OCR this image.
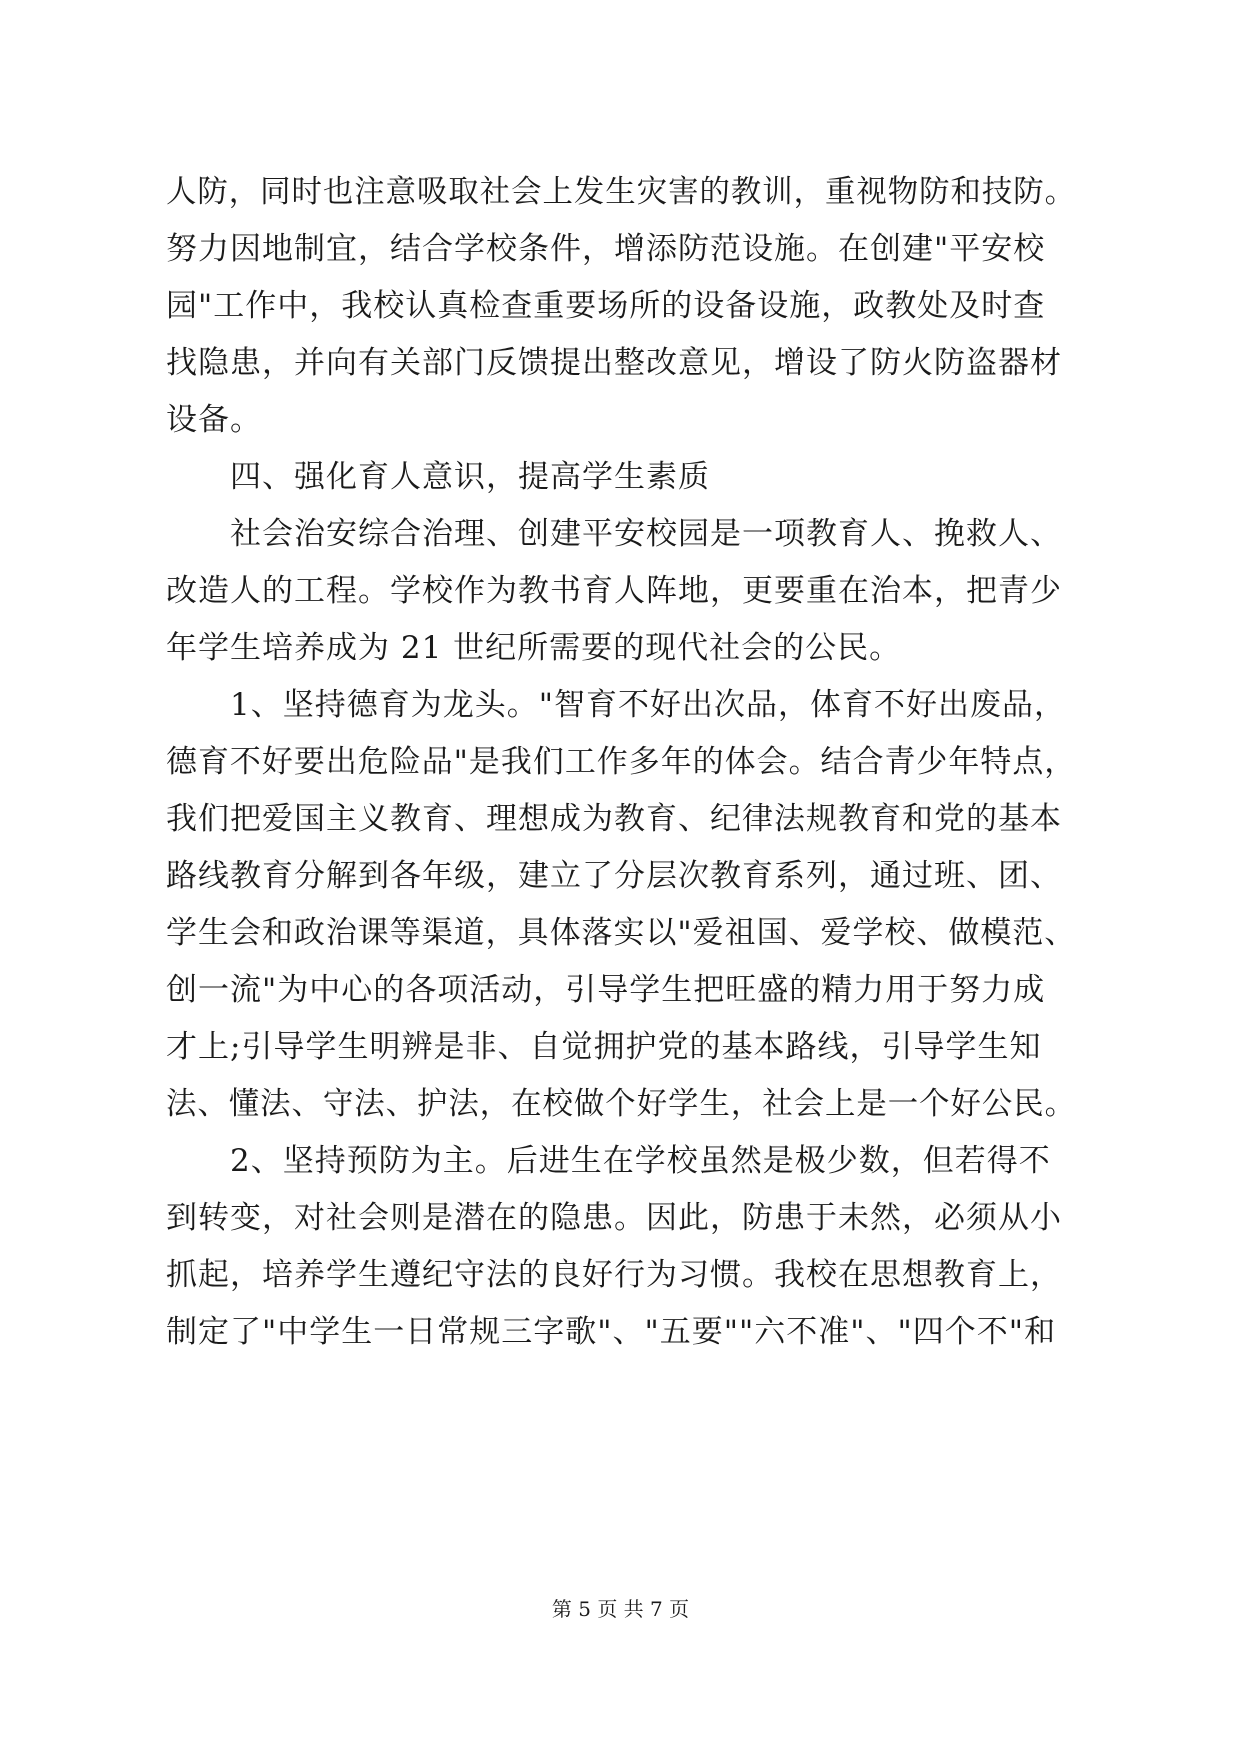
人防，同时也注意吸取社会上发生灾害的教训，重视物防和技防。
努力因地制宜，结合学校条件，增添防范设施。在创建"平安校
园"工作中，我校认真检查重要场所的设备设施，政教处及时查
找隐患，并向有关部门反馈提出整改意见，增设了防火防盗器材
设备。
四、强化育人意识，提高学生素质
社会治安综合治理、创建平安校园是一项教育人、挽救人、
改造人的工程。学校作为教书育人阵地，更要重在治本，把青少
年学生培养成为 21 世纪所需要的现代社会的公民。
1、坚持德育为龙头。"智育不好出次品，体育不好出废品，
德育不好要出危险品"是我们工作多年的体会。结合青少年特点，
我们把爱国主义教育、理想成为教育、纪律法规教育和党的基本
路线教育分解到各年级，建立了分层次教育系列，通过班、团、
学生会和政治课等渠道，具体落实以"爱祖国、爱学校、做模范、
创一流"为中心的各项活动，引导学生把旺盛的精力用于努力成
才上;引导学生明辨是非、自觉拥护党的基本路线，引导学生知
法、懂法、守法、护法，在校做个好学生，社会上是一个好公民。
2、坚持预防为主。后进生在学校虽然是极少数，但若得不
到转变，对社会则是潜在的隐患。因此，防患于未然，必须从小
抓起，培养学生遵纪守法的良好行为习惯。我校在思想教育上，
制定了"中学生一日常规三字歌"、"五要""六不准"、"四个不"和
第 5 页 共 7 页
